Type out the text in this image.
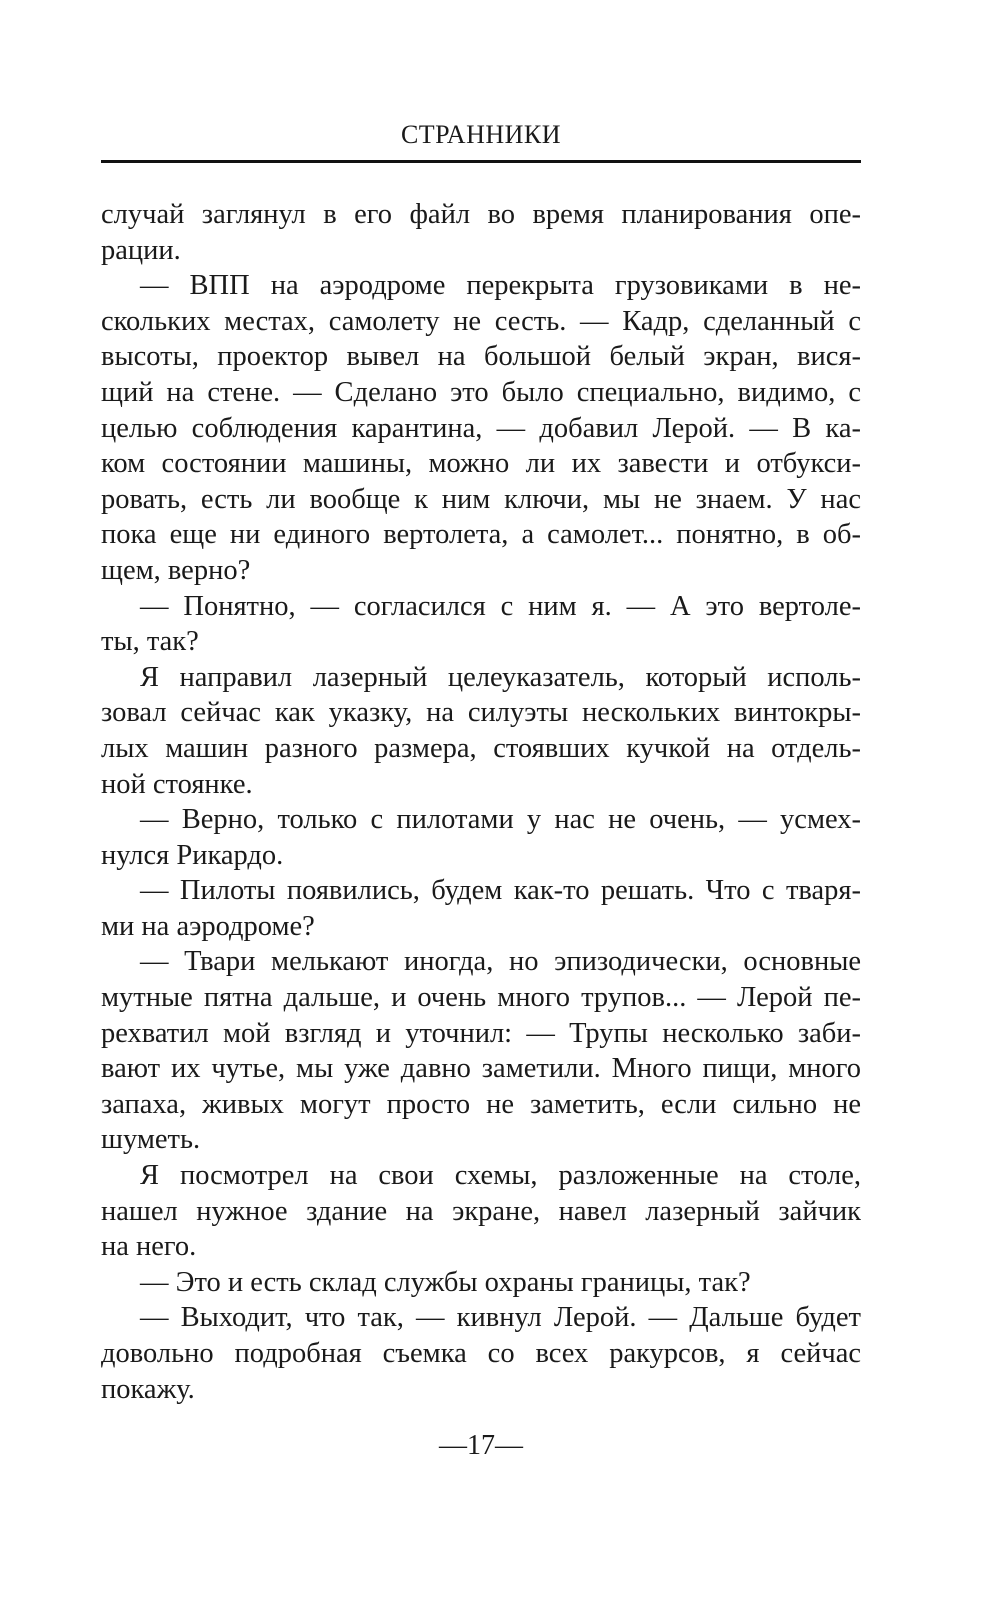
СТРАННИКИ
случай заглянул в его файл во время планирования опе-
рации.
— ВПП на аэродроме перекрыта грузовиками в не-
скольких местах, самолету не сесть. — Кадр, сделанный с
высоты, проектор вывел на большой белый экран, вися-
щий на стене. — Сделано это было специально, видимо, с
целью соблюдения карантина, — добавил Лерой. — В ка-
ком состоянии машины, можно ли их завести и отбукси-
ровать, есть ли вообще к ним ключи, мы не знаем. У нас
пока еще ни единого вертолета, а самолет... понятно, в об-
щем, верно?
— Понятно, — согласился с ним я. — А это вертоле-
ты, так?
Я направил лазерный целеуказатель, который исполь-
зовал сейчас как указку, на силуэты нескольких винтокры-
лых машин разного размера, стоявших кучкой на отдель-
ной стоянке.
— Верно, только с пилотами у нас не очень, — усмех-
нулся Рикардо.
— Пилоты появились, будем как-то решать. Что с тваря-
ми на аэродроме?
— Твари мелькают иногда, но эпизодически, основные
мутные пятна дальше, и очень много трупов... — Лерой пе-
рехватил мой взгляд и уточнил: — Трупы несколько заби-
вают их чутье, мы уже давно заметили. Много пищи, много
запаха, живых могут просто не заметить, если сильно не
шуметь.
Я посмотрел на свои схемы, разложенные на столе,
нашел нужное здание на экране, навел лазерный зайчик
на него.
— Это и есть склад службы охраны границы, так?
— Выходит, что так, — кивнул Лерой. — Дальше будет
довольно подробная съемка со всех ракурсов, я сейчас
покажу.
—17—
